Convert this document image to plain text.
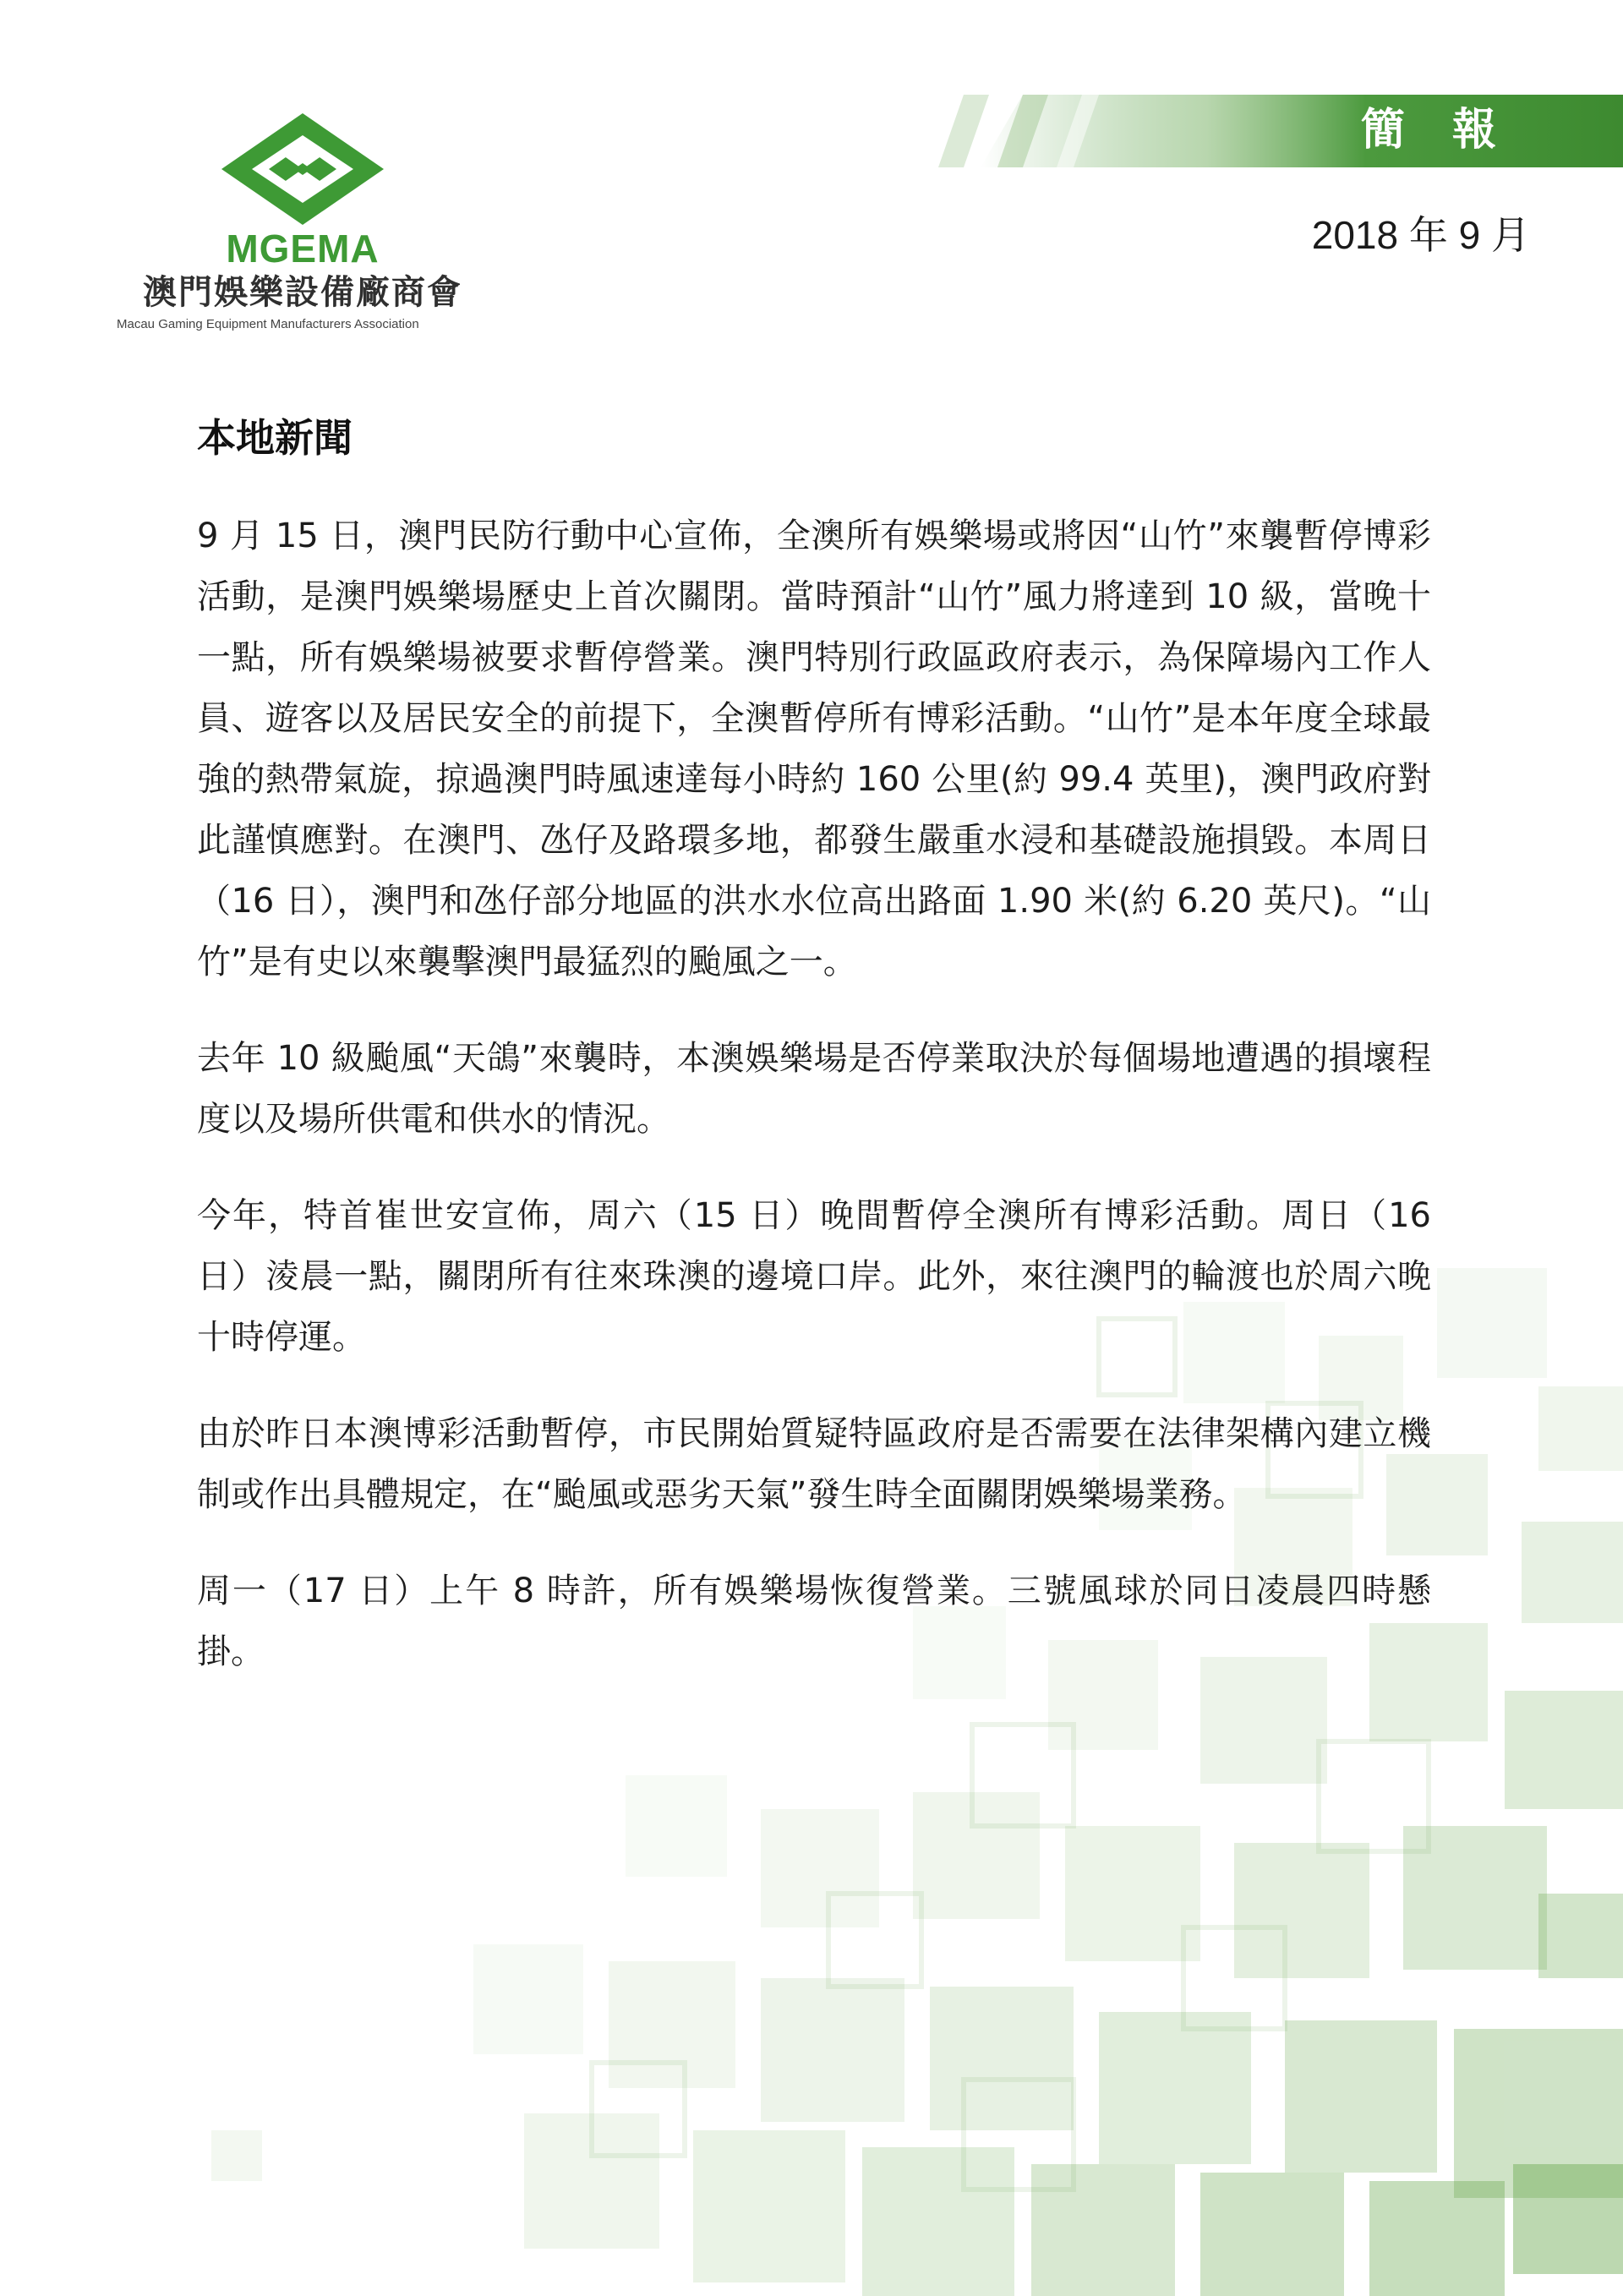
簡報
2018 年 9 月
MGEMA
澳門娛樂設備廠商會
Macau Gaming Equipment Manufacturers Association
本地新聞

9 月 15 日，澳門民防行動中心宣佈，全澳所有娛樂場或將因“山竹”來襲暫停博彩活動，是澳門娛樂場歷史上首次關閉。當時預計“山竹”風力將達到 10 級，當晚十一點，所有娛樂場被要求暫停營業。澳門特別行政區政府表示，為保障場內工作人員、遊客以及居民安全的前提下，全澳暫停所有博彩活動。“山竹”是本年度全球最強的熱帶氣旋，掠過澳門時風速達每小時約 160 公里(約 99.4 英里)，澳門政府對此謹慎應對。在澳門、氹仔及路環多地，都發生嚴重水浸和基礎設施損毀。本周日（16 日），澳門和氹仔部分地區的洪水水位高出路面 1.90 米(約 6.20 英尺)。“山竹”是有史以來襲擊澳門最猛烈的颱風之一。

去年 10 級颱風“天鴿”來襲時，本澳娛樂場是否停業取決於每個場地遭遇的損壞程度以及場所供電和供水的情況。

今年，特首崔世安宣佈，周六（15 日）晚間暫停全澳所有博彩活動。周日（16 日）淩晨一點，關閉所有往來珠澳的邊境口岸。此外，來往澳門的輪渡也於周六晚十時停運。

由於昨日本澳博彩活動暫停，市民開始質疑特區政府是否需要在法律架構內建立機制或作出具體規定，在“颱風或惡劣天氣”發生時全面關閉娛樂場業務。

周一（17 日）上午 8 時許，所有娛樂場恢復營業。三號風球於同日凌晨四時懸掛。
